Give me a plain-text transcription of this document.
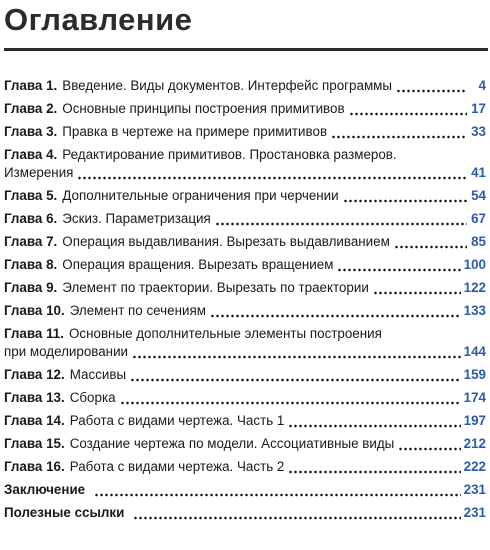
Оглавление
Глава 1. Введение. Виды документов. Интерфейс программы	4
Глава 2. Основные принципы построения примитивов	17
Глава 3. Правка в чертеже на примере примитивов	33
Глава 4. Редактирование примитивов. Простановка размеров.
Измерения	41
Глава 5. Дополнительные ограничения при черчении	54
Глава 6. Эскиз. Параметризация	67
Глава 7. Операция выдавливания. Вырезать выдавливанием	85
Глава 8. Операция вращения. Вырезать вращением	100
Глава 9. Элемент по траектории. Вырезать по траектории	122
Глава 10. Элемент по сечениям	133
Глава 11. Основные дополнительные элементы построения
при моделировании	144
Глава 12. Массивы	159
Глава 13. Сборка	174
Глава 14. Работа с видами чертежа. Часть 1	197
Глава 15. Создание чертежа по модели. Ассоциативные виды	212
Глава 16. Работа с видами чертежа. Часть 2	222
Заключение	231
Полезные ссылки	231
